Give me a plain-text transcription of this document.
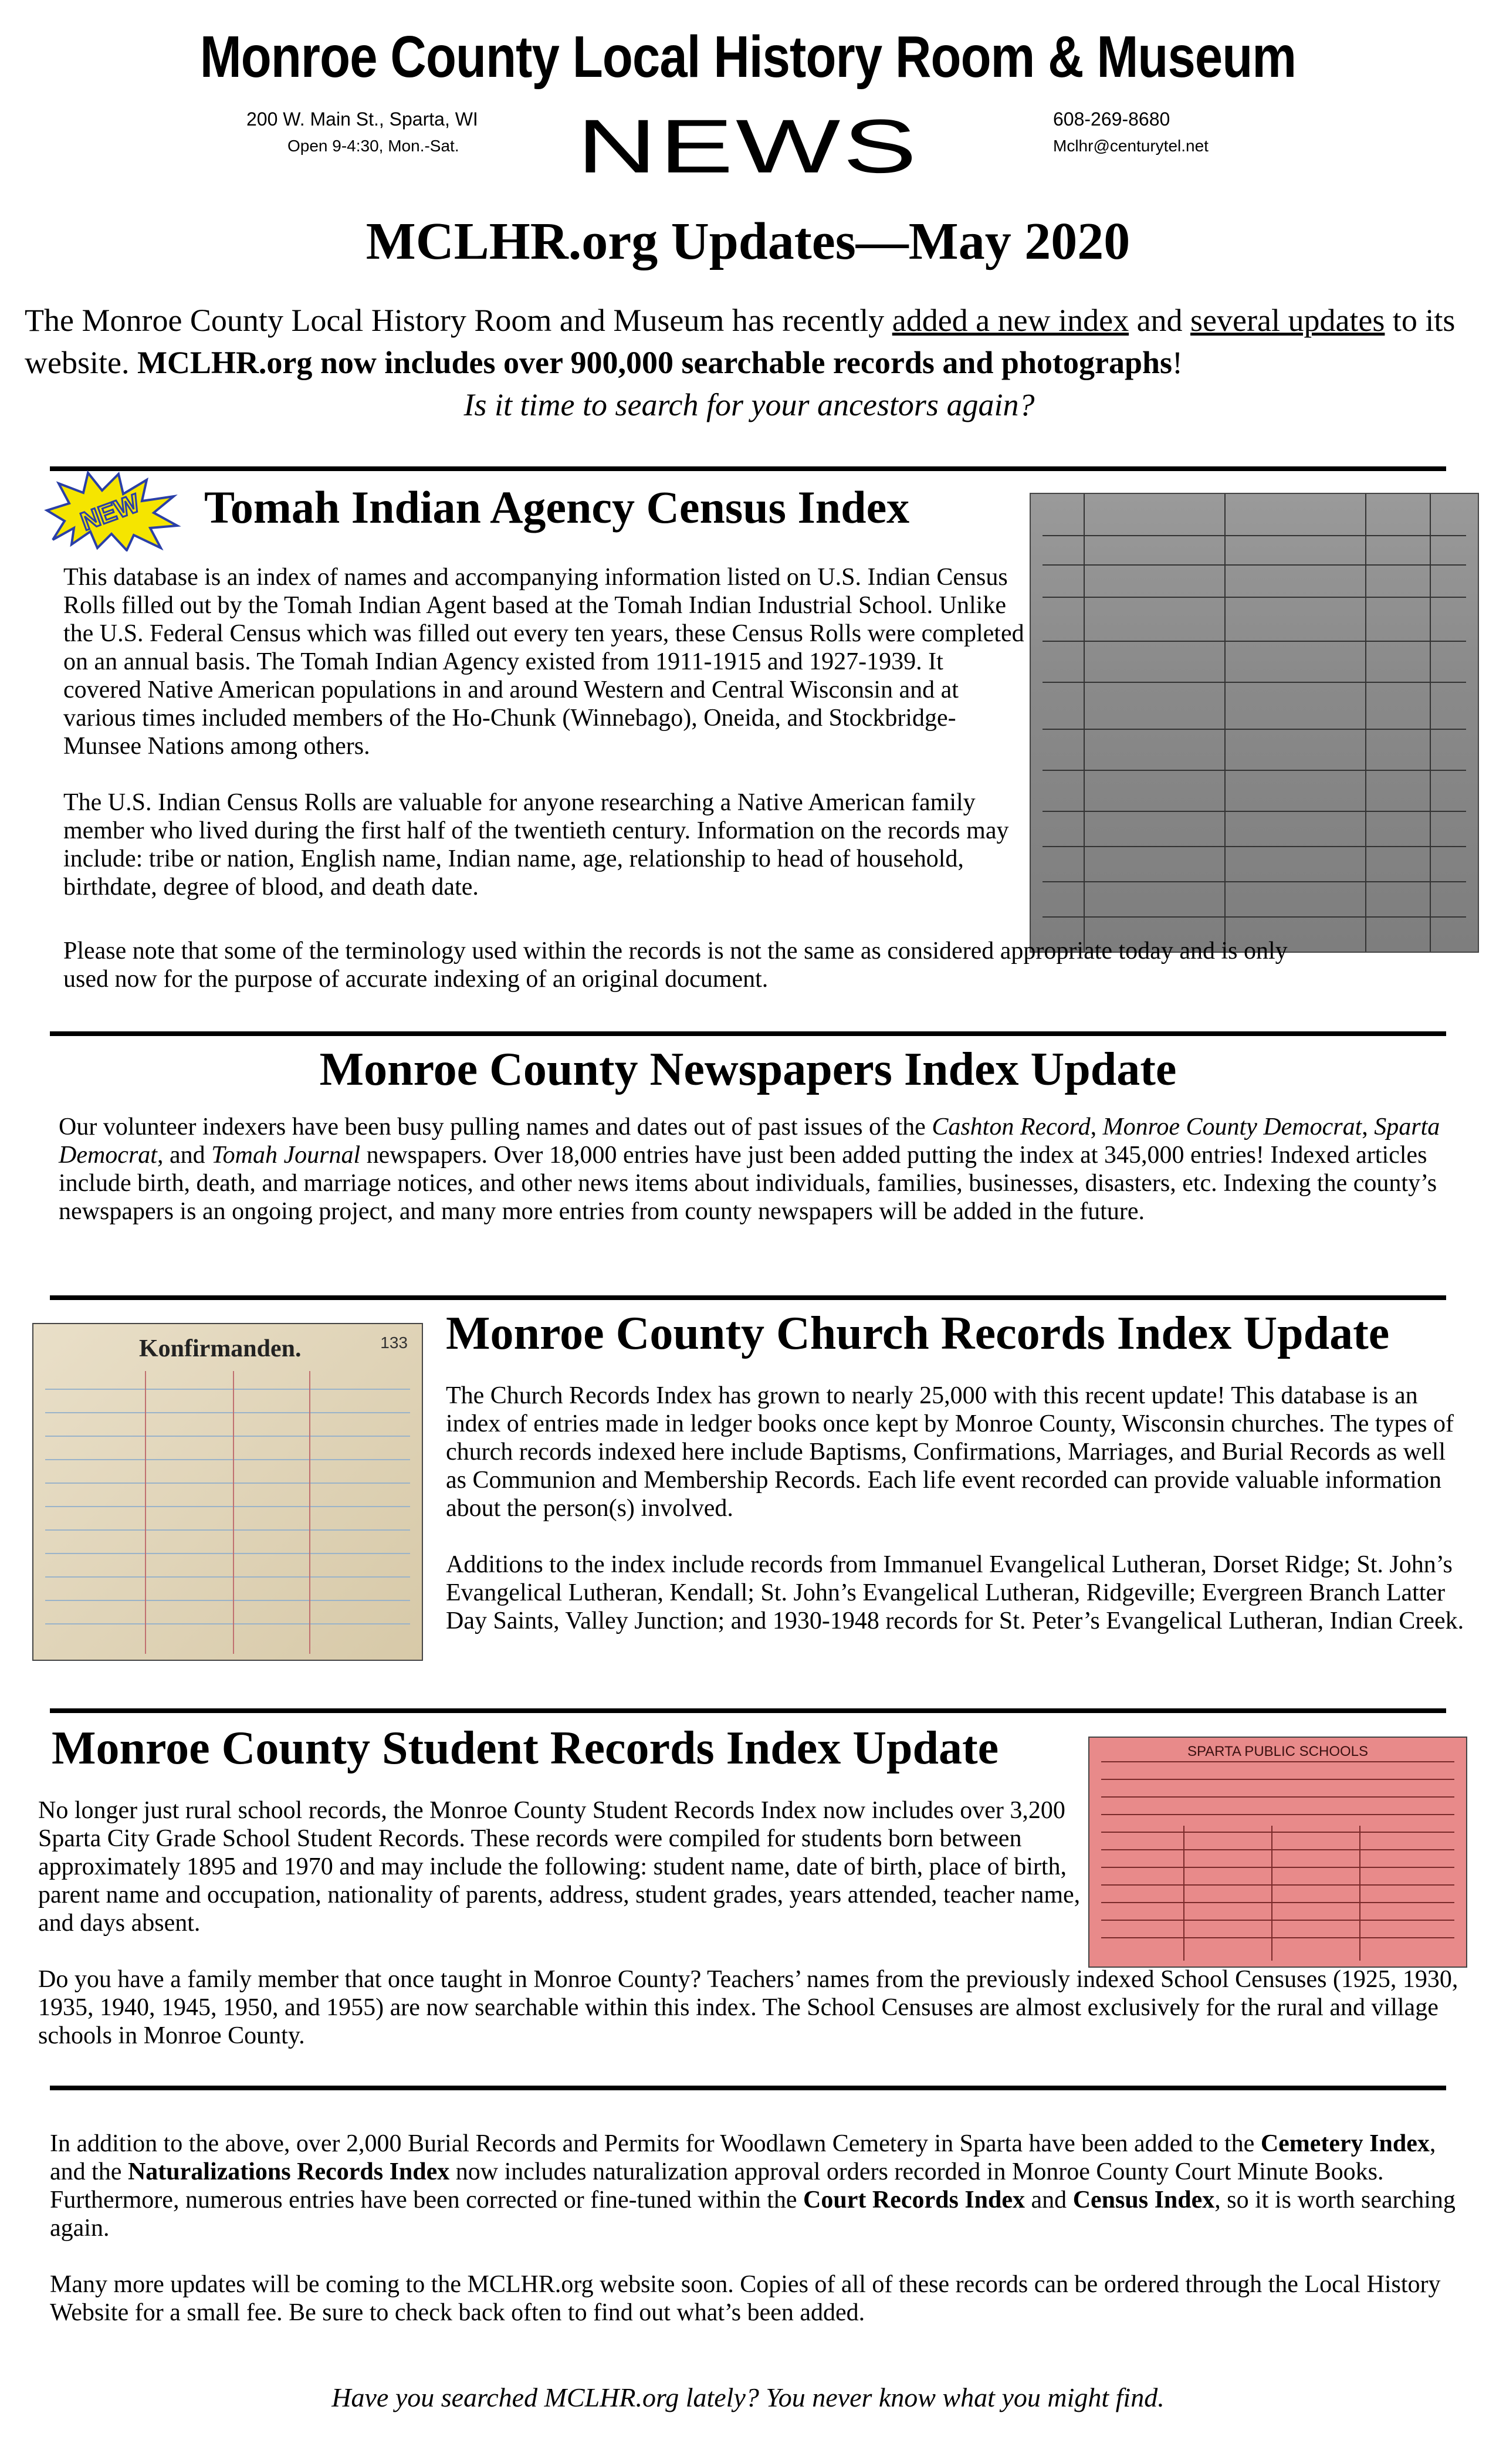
Monroe County Local History Room & Museum
200 W. Main St., Sparta, WI
Open 9-4:30, Mon.-Sat.	NEWS	608-269-8680
Mclhr@centurytel.net
MCLHR.org Updates—May 2020
The Monroe County Local History Room and Museum has recently added a new index and several updates to its website. MCLHR.org now includes over 900,000 searchable records and photographs!
Is it time to search for your ancestors again?
NEW Tomah Indian Agency Census Index

This database is an index of names and accompanying information listed on U.S. Indian Census Rolls filled out by the Tomah Indian Agent based at the Tomah Indian Industrial School. Unlike the U.S. Federal Census which was filled out every ten years, these Census Rolls were completed on an annual basis. The Tomah Indian Agency existed from 1911-1915 and 1927-1939. It covered Native American populations in and around Western and Central Wisconsin and at various times included members of the Ho-Chunk (Winnebago), Oneida, and Stockbridge-Munsee Nations among others.

The U.S. Indian Census Rolls are valuable for anyone researching a Native American family member who lived during the first half of the twentieth century. Information on the records may include: tribe or nation, English name, Indian name, age, relationship to head of household, birthdate, degree of blood, and death date.

Please note that some of the terminology used within the records is not the same as considered appropriate today and is only used now for the purpose of accurate indexing of an original document.
Monroe County Newspapers Index Update
Our volunteer indexers have been busy pulling names and dates out of past issues of the Cashton Record, Monroe County Democrat, Sparta Democrat, and Tomah Journal newspapers. Over 18,000 entries have just been added putting the index at 345,000 entries! Indexed articles include birth, death, and marriage notices, and other news items about individuals, families, businesses, disasters, etc. Indexing the county’s newspapers is an ongoing project, and many more entries from county newspapers will be added in the future.
Konfirmanden.	133 Monroe County Church Records Index Update

The Church Records Index has grown to nearly 25,000 with this recent update! This database is an index of entries made in ledger books once kept by Monroe County, Wisconsin churches. The types of church records indexed here include Baptisms, Confirmations, Marriages, and Burial Records as well as Communion and Membership Records. Each life event recorded can provide valuable information about the person(s) involved.

Additions to the index include records from Immanuel Evangelical Lutheran, Dorset Ridge; St. John’s Evangelical Lutheran, Kendall; St. John’s Evangelical Lutheran, Ridgeville; Evergreen Branch Latter Day Saints, Valley Junction; and 1930-1948 records for St. Peter’s Evangelical Lutheran, Indian Creek.

Monroe County Student Records Index Update	SPARTA PUBLIC SCHOOLS
No longer just rural school records, the Monroe County Student Records Index now includes over 3,200 Sparta City Grade School Student Records. These records were compiled for students born between approximately 1895 and 1970 and may include the following: student name, date of birth, place of birth, parent name and occupation, nationality of parents, address, student grades, years attended, teacher name, and days absent.
Do you have a family member that once taught in Monroe County? Teachers’ names from the previously indexed School Censuses (1925, 1930, 1935, 1940, 1945, 1950, and 1955) are now searchable within this index. The School Censuses are almost exclusively for the rural and village schools in Monroe County.

In addition to the above, over 2,000 Burial Records and Permits for Woodlawn Cemetery in Sparta have been added to the Cemetery Index, and the Naturalizations Records Index now includes naturalization approval orders recorded in Monroe County Court Minute Books. Furthermore, numerous entries have been corrected or fine-tuned within the Court Records Index and Census Index, so it is worth searching again.

Many more updates will be coming to the MCLHR.org website soon. Copies of all of these records can be ordered through the Local History Website for a small fee. Be sure to check back often to find out what’s been added.

Have you searched MCLHR.org lately? You never know what you might find.
